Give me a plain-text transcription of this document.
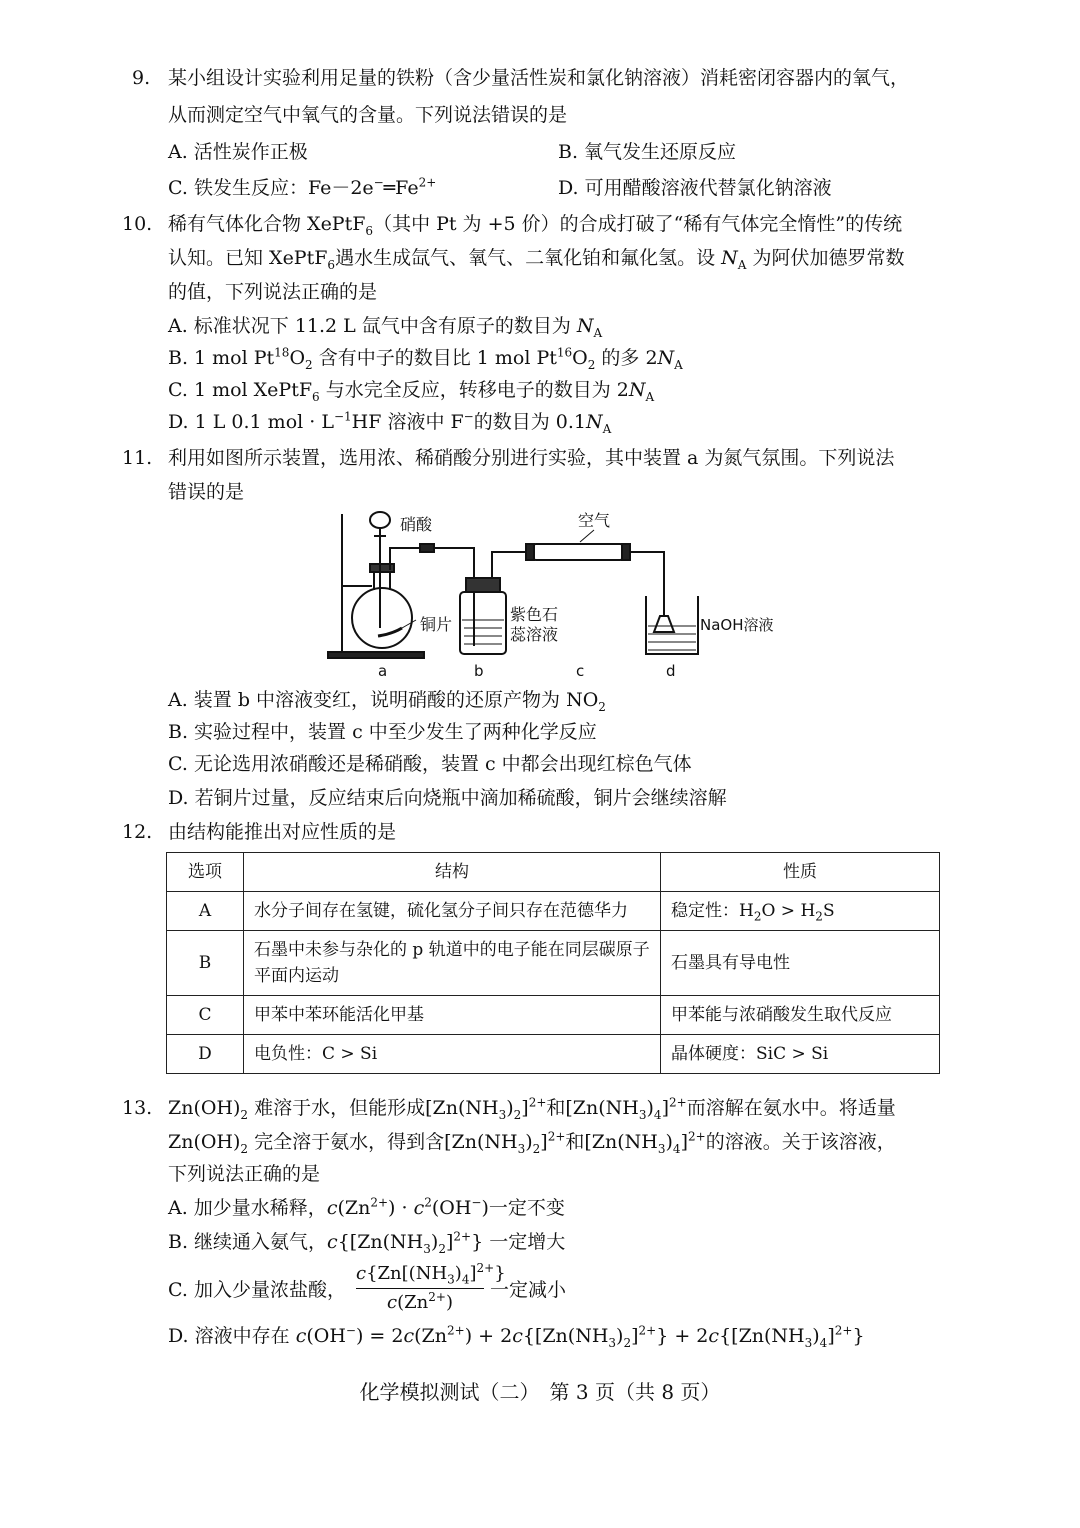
9. 某小组设计实验利用足量的铁粉（含少量活性炭和氯化钠溶液）消耗密闭容器内的氧气，
从而测定空气中氧气的含量。下列说法错误的是
A. 活性炭作正极	B. 氧气发生还原反应
C. 铁发生反应：$Fe-2e^-═Fe^{2+}$	D. 可用醋酸溶液代替氯化钠溶液
10. 稀有气体化合物 XePtF$_6$（其中 Pt 为 +5 价）的合成打破了“稀有气体完全惰性”的传统
认知。已知 XePtF$_6$遇水生成氙气、氧气、二氧化铂和氟化氢。设 $N_A$ 为阿伏加德罗常数
的值，下列说法正确的是
A. 标准状况下 11.2 L 氙气中含有原子的数目为 $N_A$
B. 1 mol $Pt^{18}O_2$ 含有中子的数目比 1 mol $Pt^{16}O_2$ 的多 $2N_A$
C. 1 mol XePtF$_6$ 与水完全反应，转移电子的数目为 $2N_A$
D. 1 L 0.1 mol · $L^{-1}HF$ 溶液中 F−的数目为 $0.1N_A$
11. 利用如图所示装置，选用浓、稀硝酸分别进行实验，其中装置 a 为氮气氛围。下列说法
错误的是
硝酸	空气
铜片
紫色石
蕊溶液	NaOH溶液
a	b	c	d
A. 装置 b 中溶液变红，说明硝酸的还原产物为 $NO_2$
B. 实验过程中，装置 c 中至少发生了两种化学反应
C. 无论选用浓硝酸还是稀硝酸，装置 c 中都会出现红棕色气体
D. 若铜片过量，反应结束后向烧瓶中滴加稀硫酸，铜片会继续溶解
12. 由结构能推出对应性质的是
选项	结构	性质
A	水分子间存在氢键，硫化氢分子间只存在范德华力	稳定性：$H_2O > H_2S$
B	石墨中未参与杂化的 p 轨道中的电子能在同层碳原子
平面内运动	石墨具有导电性
C	甲苯中苯环能活化甲基	甲苯能与浓硝酸发生取代反应
D	电负性：C > Si	晶体硬度：SiC > Si
13. $Zn(OH)_2$ 难溶于水，但能形成$[Zn(NH_3)_2]^{2+}$和$[Zn(NH_3)_4]^{2+}$而溶解在氨水中。将适量
$Zn(OH)_2$ 完全溶于氨水，得到含$[Zn(NH_3)_2]^{2+}$和$[Zn(NH_3)_4]^{2+}$的溶液。关于该溶液，
下列说法正确的是
A. 加少量水稀释，$c(Zn^{2+}) \cdot c^2(OH^-)$一定不变
B. 继续通入氨气，$c\{[Zn(NH_3)_2]^{2+}\}$ 一定增大
C. 加入少量浓盐酸，
$c\{Zn[(NH_3)_4]^{2+}\}$
$c(Zn^{2+})$
一定减小
D. 溶液中存在 $c(OH^-) = 2c(Zn^{2+}) + 2c\{[Zn(NH_3)_2]^{2+}\} + 2c\{[Zn(NH_3)_4]^{2+}\}$
化学模拟测试（二）　第 3 页（共 8 页）
